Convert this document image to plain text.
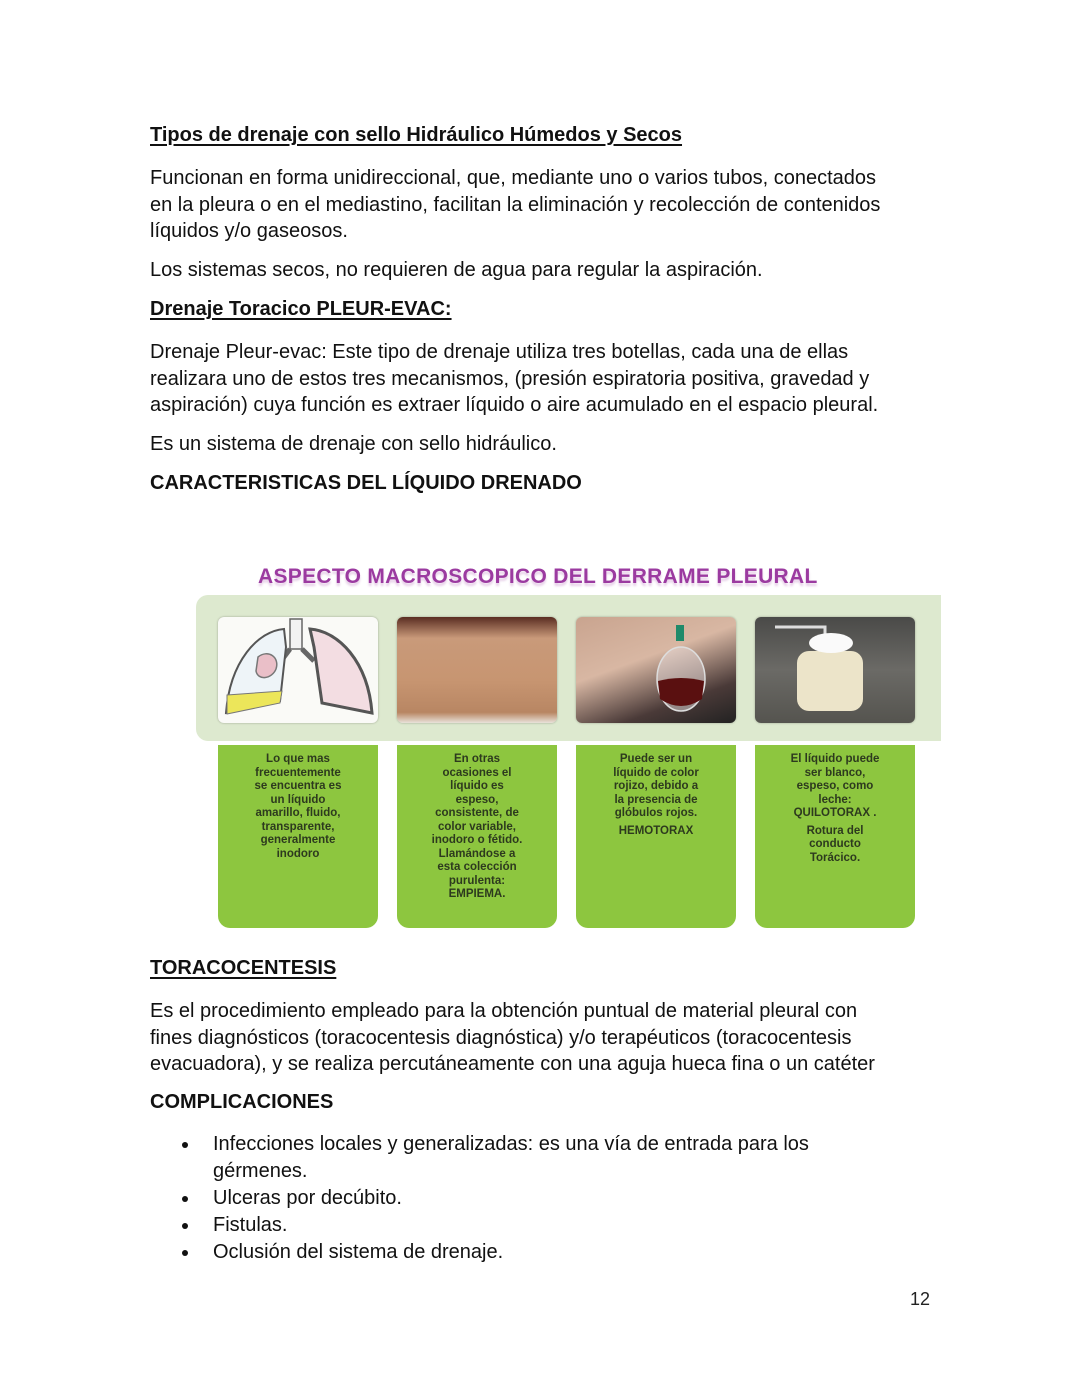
Tipos de drenaje con sello Hidráulico Húmedos y Secos

Funcionan en forma unidireccional, que, mediante uno o varios tubos, conectados
en la pleura o en el mediastino, facilitan la eliminación y recolección de contenidos
líquidos y/o gaseosos.

Los sistemas secos, no requieren de agua para regular la aspiración.

Drenaje Toracico PLEUR-EVAC:

Drenaje Pleur-evac: Este tipo de drenaje utiliza tres botellas, cada una de ellas
realizara uno de estos tres mecanismos, (presión espiratoria positiva, gravedad y
aspiración) cuya función es extraer líquido o aire acumulado en el espacio pleural.

Es un sistema de drenaje con sello hidráulico.

CARACTERISTICAS DEL LÍQUIDO DRENADO
ASPECTO MACROSCOPICO DEL DERRAME PLEURAL
Lo que mas
frecuentemente
se encuentra es
un líquido
amarillo, fluido,
transparente,
generalmente
inodoro
En otras
ocasiones el
líquido es
espeso,
consistente, de
color variable,
inodoro o fétido.
Llamándose a
esta colección
purulenta:
EMPIEMA.
Puede ser un
líquido de color
rojizo, debido a
la presencia de
glóbulos rojos.
HEMOTORAX
El líquido puede
ser blanco,
espeso, como
leche:
QUILOTORAX .
Rotura del
conducto
Torácico.
TORACOCENTESIS

Es el procedimiento empleado para la obtención puntual de material pleural con
fines diagnósticos (toracocentesis diagnóstica) y/o terapéuticos (toracocentesis
evacuadora), y se realiza percutáneamente con una aguja hueca fina o un catéter

COMPLICACIONES
Infecciones locales y generalizadas: es una vía de entrada para los
gérmenes.
Ulceras por decúbito.
Fistulas.
Oclusión del sistema de drenaje.
12
